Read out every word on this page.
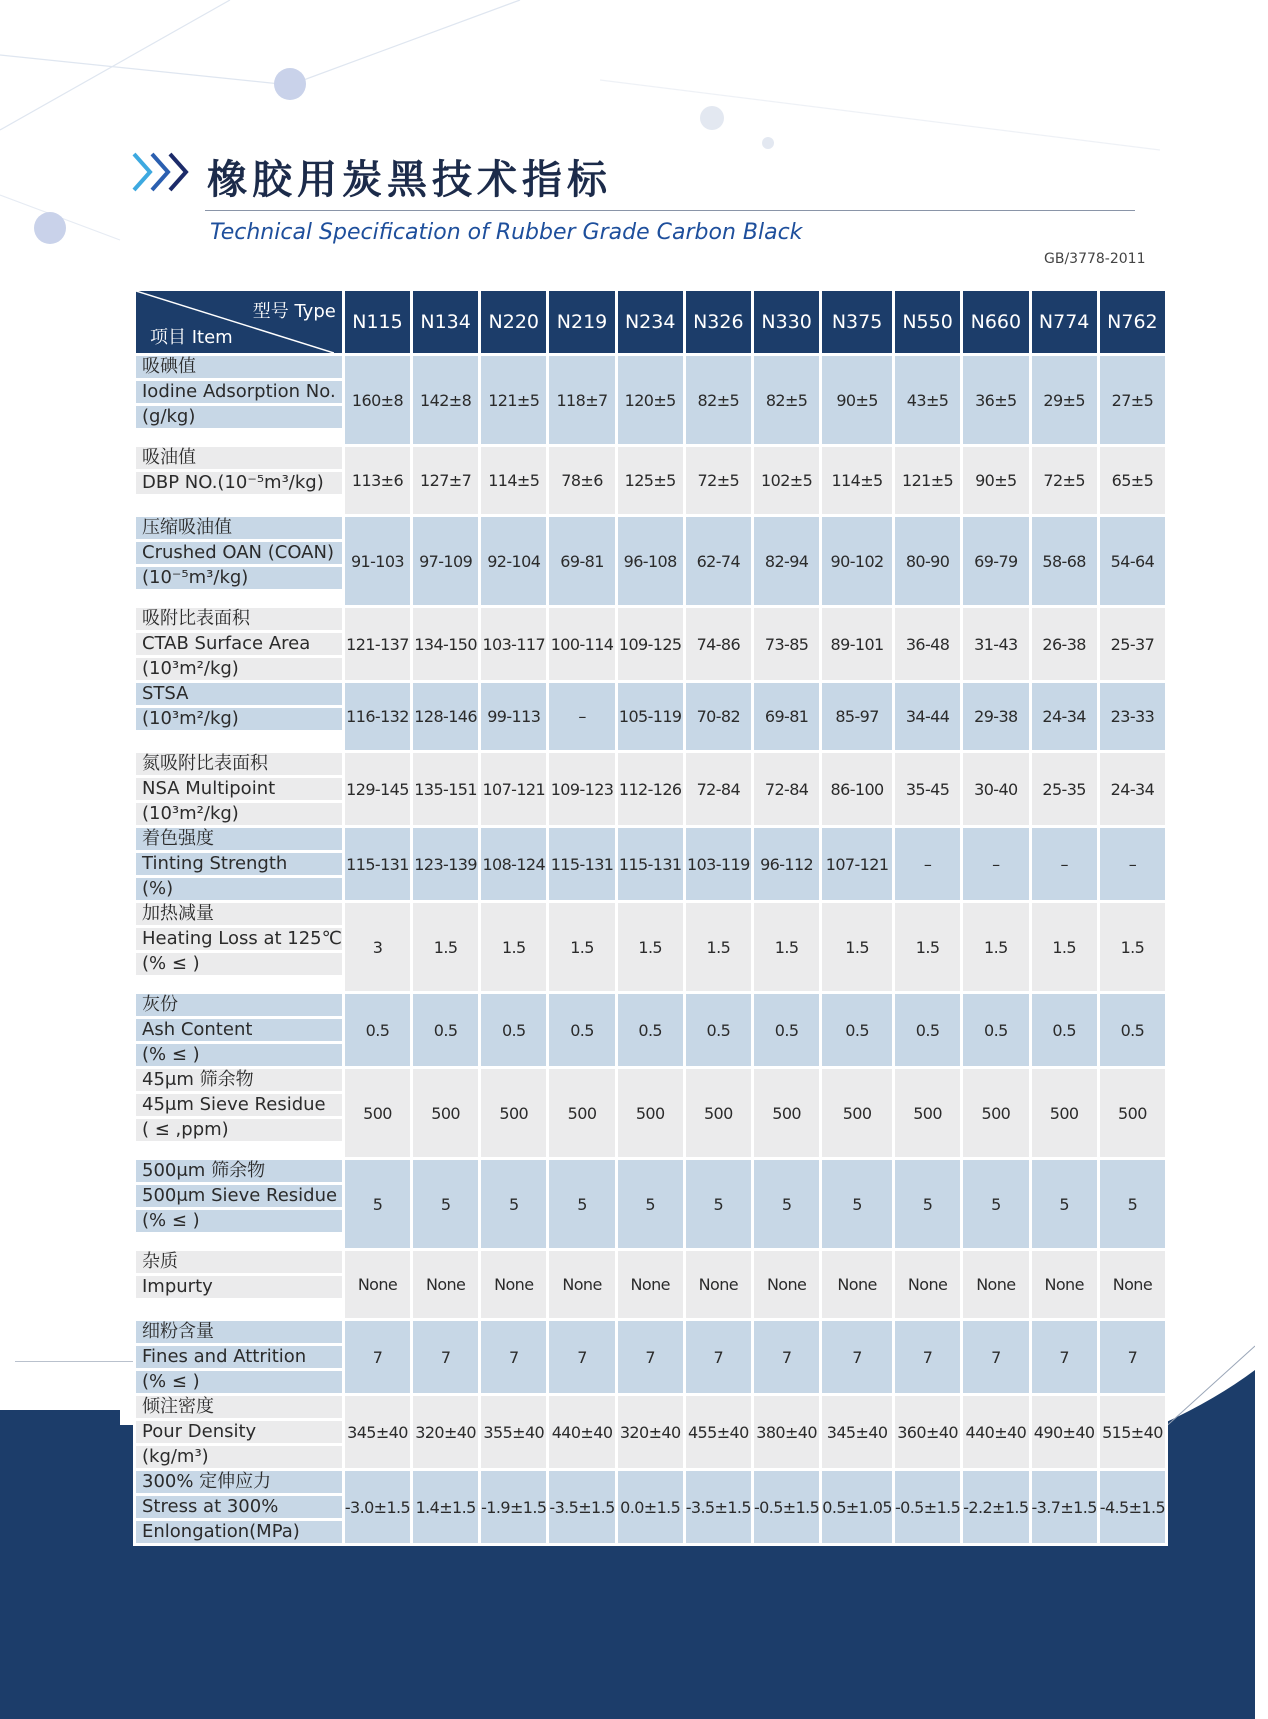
橡胶用炭黑技术指标
Technical Specification of Rubber Grade Carbon Black
GB/3778-2011
型号 Type
项目 Item	N115	N134	N220	N219	N234	N326	N330	N375	N550	N660	N774	N762

吸碘值
Iodine Adsorption No.
(g/kg)	160±8	142±8	121±5	118±7	120±5	82±5	82±5	90±5	43±5	36±5	29±5	27±5

吸油值
DBP NO.(10⁻⁵m³/kg)	113±6	127±7	114±5	78±6	125±5	72±5	102±5	114±5	121±5	90±5	72±5	65±5

压缩吸油值
Crushed OAN (COAN)
(10⁻⁵m³/kg)	91-103	97-109	92-104	69-81	96-108	62-74	82-94	90-102	80-90	69-79	58-68	54-64

吸附比表面积
CTAB Surface Area
(10³m²/kg)	121-137	134-150	103-117	100-114	109-125	74-86	73-85	89-101	36-48	31-43	26-38	25-37

STSA
(10³m²/kg)	116-132	128-146	99-113	–	105-119	70-82	69-81	85-97	34-44	29-38	24-34	23-33

氮吸附比表面积
NSA Multipoint
(10³m²/kg)	129-145	135-151	107-121	109-123	112-126	72-84	72-84	86-100	35-45	30-40	25-35	24-34

着色强度
Tinting Strength
(%)	115-131	123-139	108-124	115-131	115-131	103-119	96-112	107-121	–	–	–	–

加热减量
Heating Loss at 125℃
(% ≤ )	3	1.5	1.5	1.5	1.5	1.5	1.5	1.5	1.5	1.5	1.5	1.5

灰份
Ash Content
(% ≤ )	0.5	0.5	0.5	0.5	0.5	0.5	0.5	0.5	0.5	0.5	0.5	0.5

45μm 筛余物
45μm Sieve Residue
( ≤ ,ppm)	500	500	500	500	500	500	500	500	500	500	500	500

500μm 筛余物
500μm Sieve Residue
(% ≤ )	5	5	5	5	5	5	5	5	5	5	5	5

杂质
Impurty	None	None	None	None	None	None	None	None	None	None	None	None

细粉含量
Fines and Attrition
(% ≤ )	7	7	7	7	7	7	7	7	7	7	7	7

倾注密度
Pour Density
(kg/m³)	345±40	320±40	355±40	440±40	320±40	455±40	380±40	345±40	360±40	440±40	490±40	515±40

300% 定伸应力
Stress at 300%
Enlongation(MPa)	-3.0±1.5	1.4±1.5	-1.9±1.5	-3.5±1.5	0.0±1.5	-3.5±1.5	-0.5±1.5	0.5±1.05	-0.5±1.5	-2.2±1.5	-3.7±1.5	-4.5±1.5
